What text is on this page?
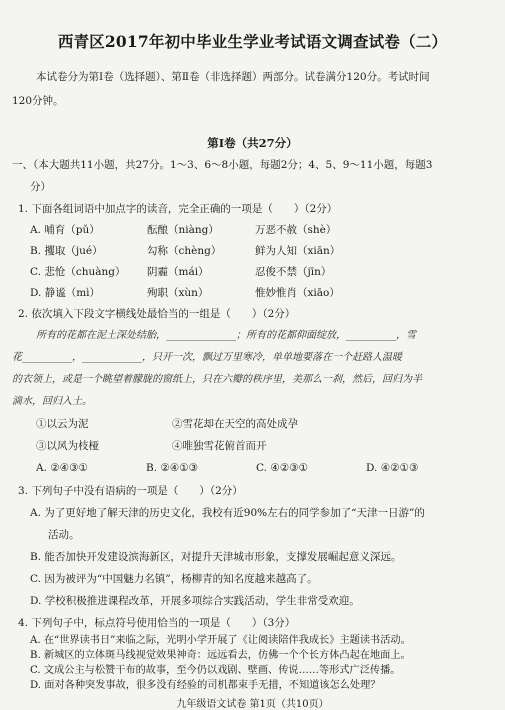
西青区2017年初中毕业生学业考试语文调查试卷（二）
本试卷分为第Ⅰ卷（选择题）、第Ⅱ卷（非选择题）两部分。试卷满分120分。考试时间
120分钟。
第Ⅰ卷（共27分）
一、（本大题共11小题，共27分。1～3、6～8小题，每题2分；4、5、9～11小题，每题3
分）
1. 下面各组词语中加点字的读音，完全正确的一项是（　　）（2分）
A. 哺育（pǔ）	酝酿（niàng）	万恶不赦（shè）
B. 攫取（jué）	勾称（chèng）	鲜为人知（xiān）
C. 悲怆（chuàng）	阴霾（mái）	忍俊不禁（jīn）
D. 静谧（mì）	殉职（xùn）	惟妙惟肖（xiāo）
2. 依次填入下段文字横线处最恰当的一组是（　　）（2分）
所有的花都在泥土深处结胎，______________；所有的花都仰面绽放，__________，雪
花__________，____________，只开一次，飘过万里寒冷，单单地要落在一个赶路人温暖
的衣领上，或是一个眺望着朦胧的窗纸上，只在六瓣的秩序里，美那么一刹，然后，回归为半
滴水，回归入土。
①以云为泥	②雪花却在天空的高处成孕
③以风为枝桠	④唯独雪花俯首而开
A. ②④③①	B. ②④①③	C. ④②③①	D. ④②①③
3. 下列句子中没有语病的一项是（　　）（2分）
A. 为了更好地了解天津的历史文化，我校有近90%左右的同学参加了“天津一日游”的
活动。
B. 能否加快开发建设滨海新区，对提升天津城市形象，支撑发展崛起意义深远。
C. 因为被评为“中国魅力名镇”，杨柳青的知名度越来越高了。
D. 学校积极推进课程改革，开展多项综合实践活动，学生非常受欢迎。
4. 下列句子中，标点符号使用恰当的一项是（　　）（3分）
A. 在“世界读书日”来临之际，光明小学开展了《让阅读陪伴我成长》主题读书活动。
B. 新城区的立体斑马线视觉效果神奇：远远看去，仿佛一个个长方体凸起在地面上。
C. 文成公主与松赞干布的故事，至今仍以戏剧、壁画、传说……等形式广泛传播。
D. 面对各种突发事故，很多没有经验的司机都束手无措，不知道该怎么处理？
九年级语文试卷 第1页（共10页）
